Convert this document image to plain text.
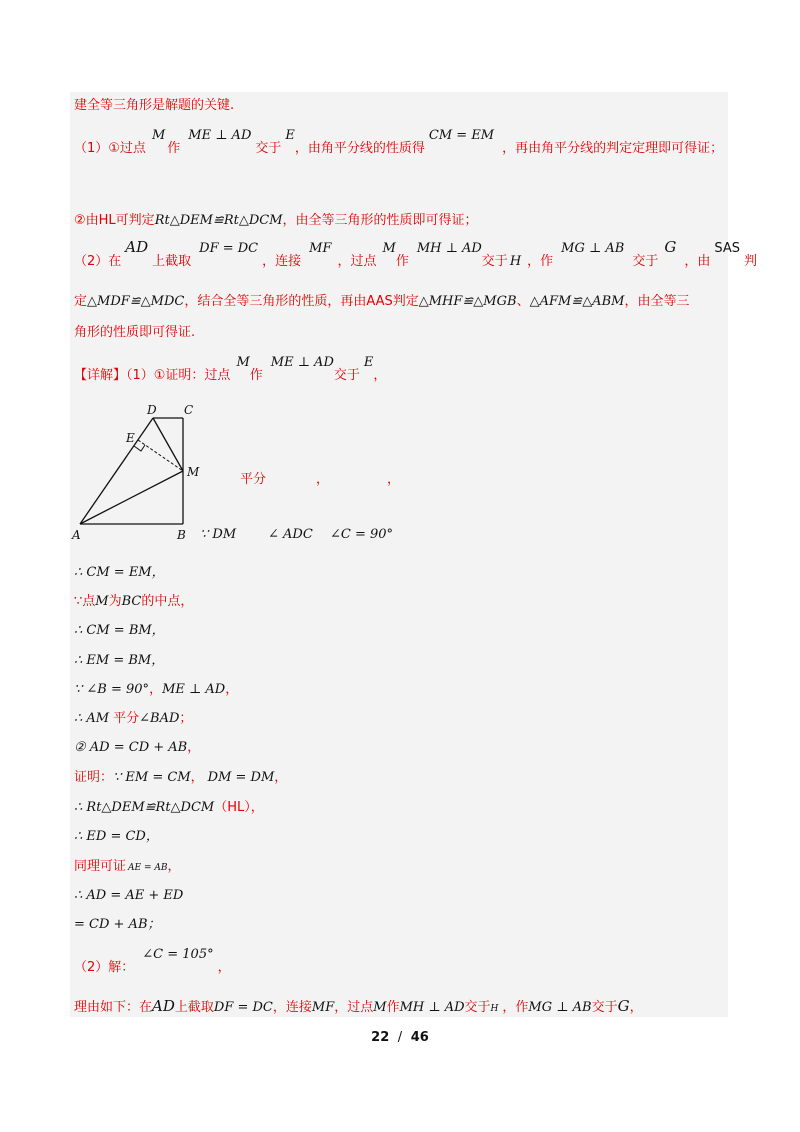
建全等三角形是解题的关键.
（1）①过点M作ME ⊥ AD交于E，由角平分线的性质得CM = EM，再由角平分线的判定定理即可得证；
②由HL可判定Rt△DEM≌Rt△DCM，由全等三角形的性质即可得证；
（2）在AD上截取DF = DC，连接MF，过点M作MH ⊥ AD交于 H ，作MG ⊥ AB交于G，由SAS判
定△MDF≌△MDC，结合全等三角形的性质，再由AAS判定△MHF≌△MGB、△AFM≌△ABM，由全等三
角形的性质即可得证.
【详解】（1）①证明：过点M作ME ⊥ AD交于E，
D C
E
M
A	B
平分	，	，
∵ DM ∠ ADC ∠C = 90°
∴ CM = EM，
∵点M为BC的中点，
∴ CM = BM，
∴ EM = BM，
∵ ∠B = 90°，ME ⊥ AD，
∴ AM 平分∠BAD；
② AD = CD + AB，
证明：∵ EM = CM， DM = DM，
∴ Rt△DEM≌Rt△DCM（HL），
∴ ED = CD，
同理可证 AE = AB，
∴ AD = AE + ED
= CD + AB；
（2）解：∠C = 105°，
理由如下：在AD上截取DF = DC，连接MF，过点M作MH ⊥ AD交于H ，作MG ⊥ AB交于G，
22 / 46
